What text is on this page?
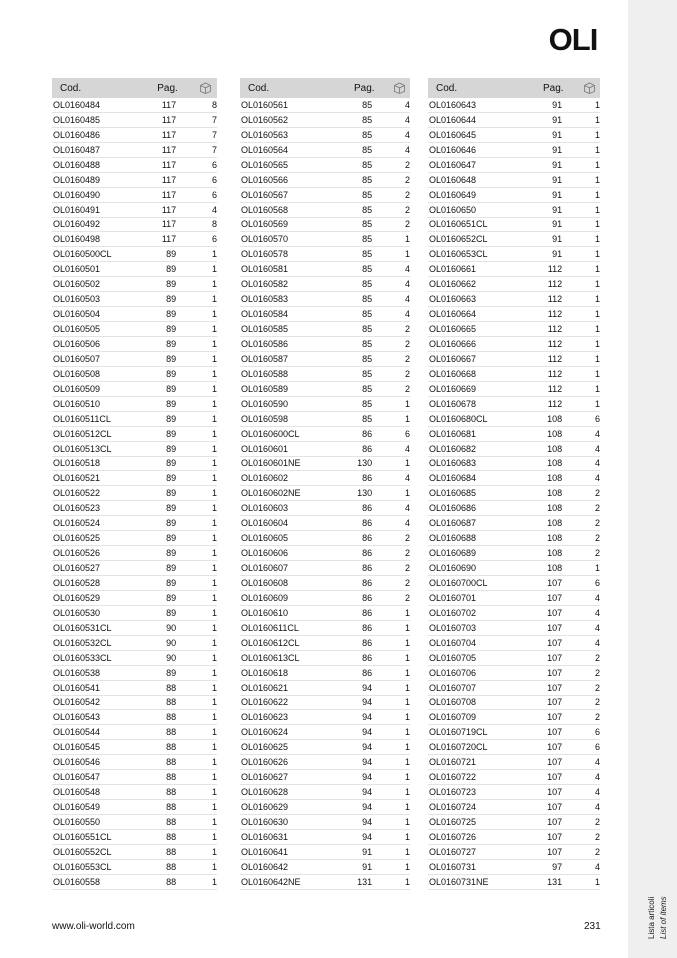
Lista articoli List of items
OLI
Cod.	Pag.
OL0160484	117	8
OL0160485	117	7
OL0160486	117	7
OL0160487	117	7
OL0160488	117	6
OL0160489	117	6
OL0160490	117	6
OL0160491	117	4
OL0160492	117	8
OL0160498	117	6
OL0160500CL	89	1
OL0160501	89	1
OL0160502	89	1
OL0160503	89	1
OL0160504	89	1
OL0160505	89	1
OL0160506	89	1
OL0160507	89	1
OL0160508	89	1
OL0160509	89	1
OL0160510	89	1
OL0160511CL	89	1
OL0160512CL	89	1
OL0160513CL	89	1
OL0160518	89	1
OL0160521	89	1
OL0160522	89	1
OL0160523	89	1
OL0160524	89	1
OL0160525	89	1
OL0160526	89	1
OL0160527	89	1
OL0160528	89	1
OL0160529	89	1
OL0160530	89	1
OL0160531CL	90	1
OL0160532CL	90	1
OL0160533CL	90	1
OL0160538	89	1
OL0160541	88	1
OL0160542	88	1
OL0160543	88	1
OL0160544	88	1
OL0160545	88	1
OL0160546	88	1
OL0160547	88	1
OL0160548	88	1
OL0160549	88	1
OL0160550	88	1
OL0160551CL	88	1
OL0160552CL	88	1
OL0160553CL	88	1
OL0160558	88	1
Cod.	Pag.
OL0160561	85	4
OL0160562	85	4
OL0160563	85	4
OL0160564	85	4
OL0160565	85	2
OL0160566	85	2
OL0160567	85	2
OL0160568	85	2
OL0160569	85	2
OL0160570	85	1
OL0160578	85	1
OL0160581	85	4
OL0160582	85	4
OL0160583	85	4
OL0160584	85	4
OL0160585	85	2
OL0160586	85	2
OL0160587	85	2
OL0160588	85	2
OL0160589	85	2
OL0160590	85	1
OL0160598	85	1
OL0160600CL	86	6
OL0160601	86	4
OL0160601NE	130	1
OL0160602	86	4
OL0160602NE	130	1
OL0160603	86	4
OL0160604	86	4
OL0160605	86	2
OL0160606	86	2
OL0160607	86	2
OL0160608	86	2
OL0160609	86	2
OL0160610	86	1
OL0160611CL	86	1
OL0160612CL	86	1
OL0160613CL	86	1
OL0160618	86	1
OL0160621	94	1
OL0160622	94	1
OL0160623	94	1
OL0160624	94	1
OL0160625	94	1
OL0160626	94	1
OL0160627	94	1
OL0160628	94	1
OL0160629	94	1
OL0160630	94	1
OL0160631	94	1
OL0160641	91	1
OL0160642	91	1
OL0160642NE	131	1
Cod.	Pag.
OL0160643	91	1
OL0160644	91	1
OL0160645	91	1
OL0160646	91	1
OL0160647	91	1
OL0160648	91	1
OL0160649	91	1
OL0160650	91	1
OL0160651CL	91	1
OL0160652CL	91	1
OL0160653CL	91	1
OL0160661	112	1
OL0160662	112	1
OL0160663	112	1
OL0160664	112	1
OL0160665	112	1
OL0160666	112	1
OL0160667	112	1
OL0160668	112	1
OL0160669	112	1
OL0160678	112	1
OL0160680CL	108	6
OL0160681	108	4
OL0160682	108	4
OL0160683	108	4
OL0160684	108	4
OL0160685	108	2
OL0160686	108	2
OL0160687	108	2
OL0160688	108	2
OL0160689	108	2
OL0160690	108	1
OL0160700CL	107	6
OL0160701	107	4
OL0160702	107	4
OL0160703	107	4
OL0160704	107	4
OL0160705	107	2
OL0160706	107	2
OL0160707	107	2
OL0160708	107	2
OL0160709	107	2
OL0160719CL	107	6
OL0160720CL	107	6
OL0160721	107	4
OL0160722	107	4
OL0160723	107	4
OL0160724	107	4
OL0160725	107	2
OL0160726	107	2
OL0160727	107	2
OL0160731	97	4
OL0160731NE	131	1
www.oli-world.com	231
